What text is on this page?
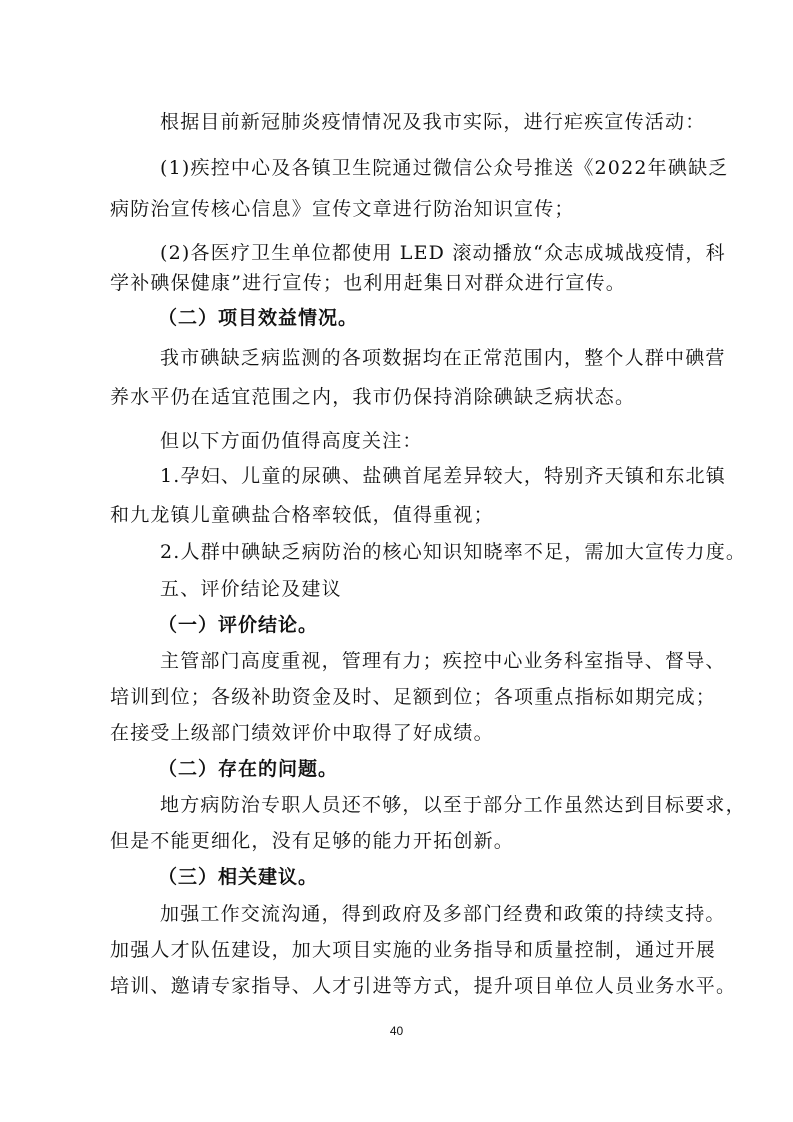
根据目前新冠肺炎疫情情况及我市实际，进行疟疾宣传活动：
(1)疾控中心及各镇卫生院通过微信公众号推送《2022年碘缺乏
病防治宣传核心信息》宣传文章进行防治知识宣传；
(2)各医疗卫生单位都使用 LED 滚动播放“众志成城战疫情，科
学补碘保健康”进行宣传；也利用赶集日对群众进行宣传。
（二）项目效益情况。
我市碘缺乏病监测的各项数据均在正常范围内，整个人群中碘营
养水平仍在适宜范围之内，我市仍保持消除碘缺乏病状态。
但以下方面仍值得高度关注：
1.孕妇、儿童的尿碘、盐碘首尾差异较大，特别齐天镇和东北镇
和九龙镇儿童碘盐合格率较低，值得重视；
2.人群中碘缺乏病防治的核心知识知晓率不足，需加大宣传力度。
五、评价结论及建议
（一）评价结论。
主管部门高度重视，管理有力；疾控中心业务科室指导、督导、
培训到位；各级补助资金及时、足额到位；各项重点指标如期完成；
在接受上级部门绩效评价中取得了好成绩。
（二）存在的问题。
地方病防治专职人员还不够，以至于部分工作虽然达到目标要求，
但是不能更细化，没有足够的能力开拓创新。
（三）相关建议。
加强工作交流沟通，得到政府及多部门经费和政策的持续支持。
加强人才队伍建设，加大项目实施的业务指导和质量控制，通过开展
培训、邀请专家指导、人才引进等方式，提升项目单位人员业务水平。
40
